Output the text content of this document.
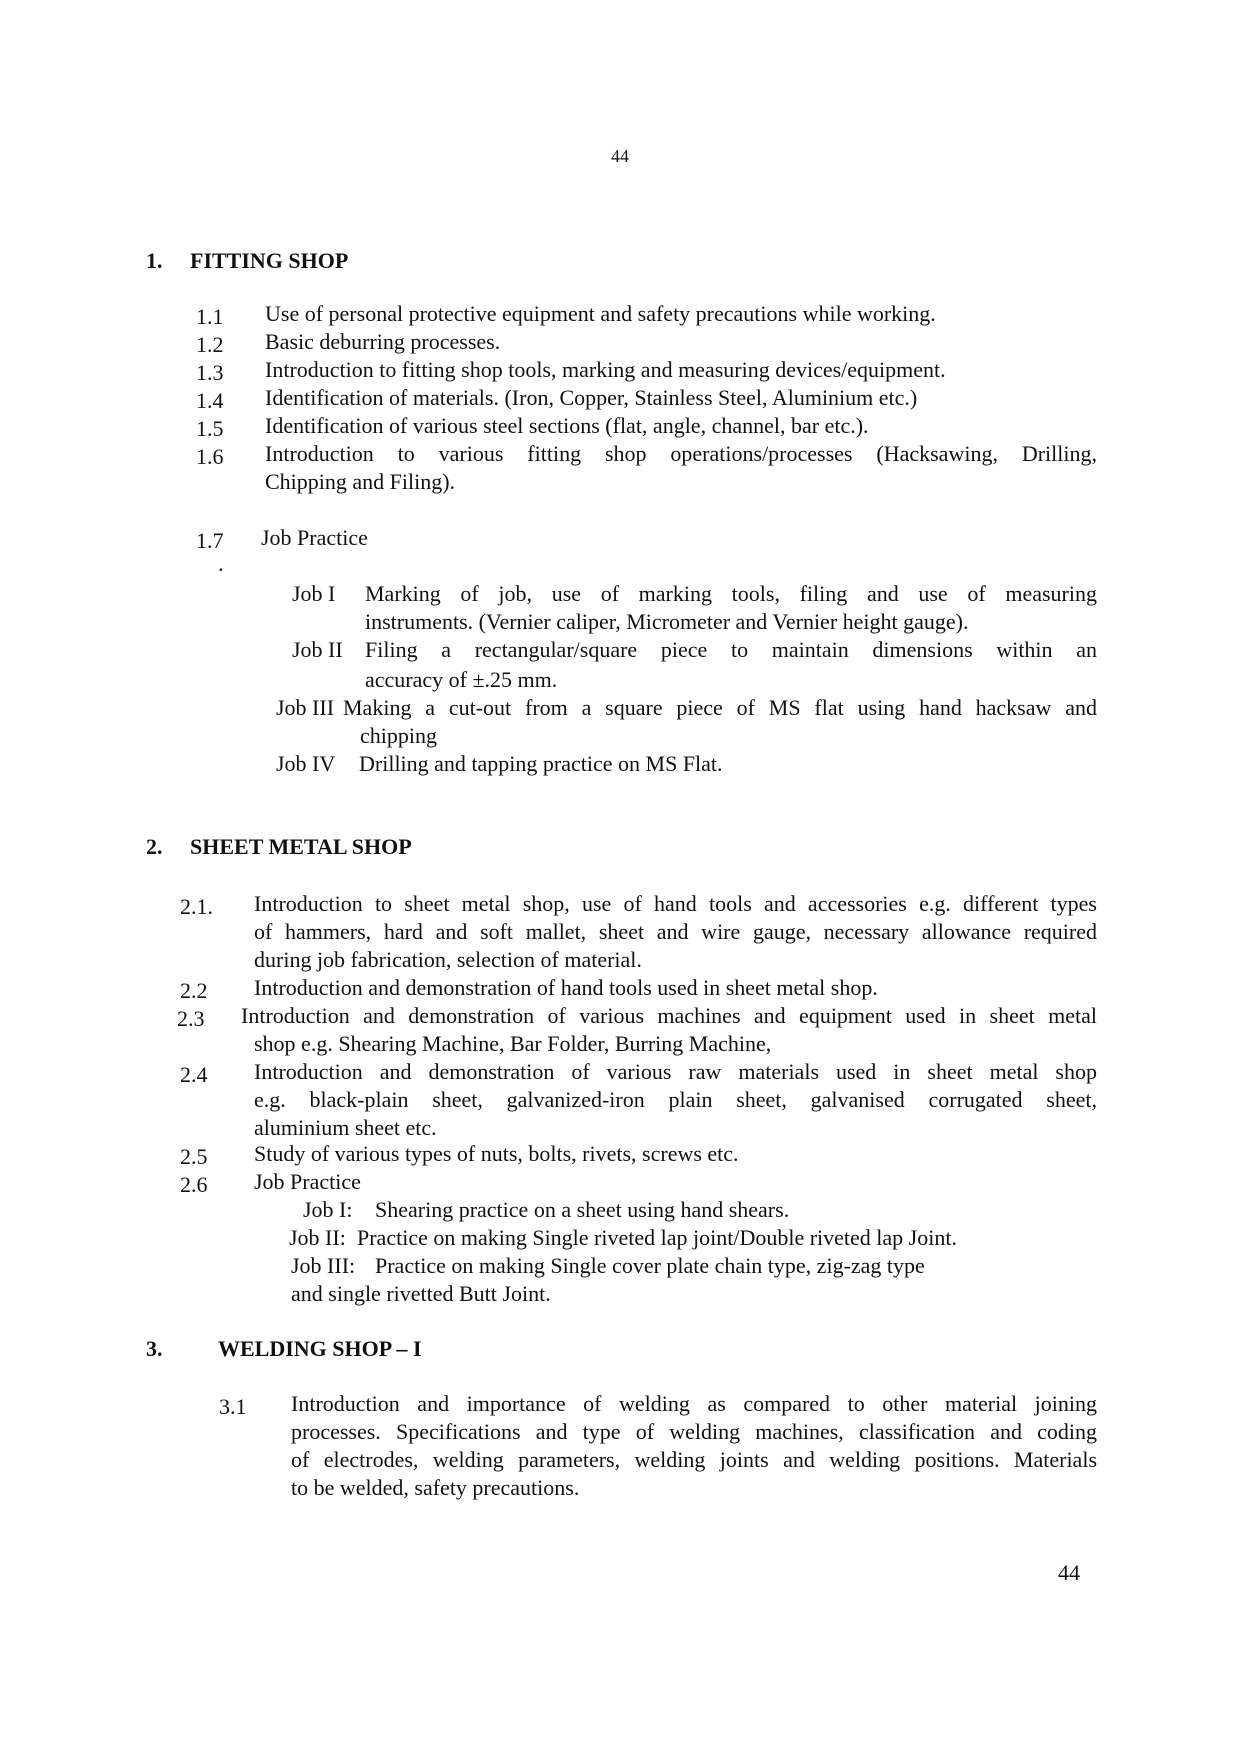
44
1. FITTING SHOP
1.1 Use of personal protective equipment and safety precautions while working.
1.2 Basic deburring processes.
1.3 Introduction to fitting shop tools, marking and measuring devices/equipment.
1.4 Identification of materials. (Iron, Copper, Stainless Steel, Aluminium etc.)
1.5 Identification of various steel sections (flat, angle, channel, bar etc.).
1.6 Introduction to various fitting shop operations/processes (Hacksawing, Drilling,
Chipping and Filing).
1.7 Job Practice
.
Job I Marking of job, use of marking tools, filing and use of measuring
instruments. (Vernier caliper, Micrometer and Vernier height gauge).
Job II Filing a rectangular/square piece to maintain dimensions within an
accuracy of ±.25 mm.
Job III Making a cut-out from a square piece of MS flat using hand hacksaw and
chipping
Job IV Drilling and tapping practice on MS Flat.
2. SHEET METAL SHOP
2.1. Introduction to sheet metal shop, use of hand tools and accessories e.g. different types
of hammers, hard and soft mallet, sheet and wire gauge, necessary allowance required
during job fabrication, selection of material.
2.2 Introduction and demonstration of hand tools used in sheet metal shop.
2.3 Introduction and demonstration of various machines and equipment used in sheet metal
shop e.g. Shearing Machine, Bar Folder, Burring Machine,
2.4 Introduction and demonstration of various raw materials used in sheet metal shop
e.g. black-plain sheet, galvanized-iron plain sheet, galvanised corrugated sheet,
aluminium sheet etc.
2.5 Study of various types of nuts, bolts, rivets, screws etc.
2.6 Job Practice
Job I: Shearing practice on a sheet using hand shears.
Job II: Practice on making Single riveted lap joint/Double riveted lap Joint.
Job III: Practice on making Single cover plate chain type, zig-zag type
and single rivetted Butt Joint.
3.	WELDING SHOP – I
3.1 Introduction and importance of welding as compared to other material joining
processes. Specifications and type of welding machines, classification and coding
of electrodes, welding parameters, welding joints and welding positions. Materials
to be welded, safety precautions.
44
